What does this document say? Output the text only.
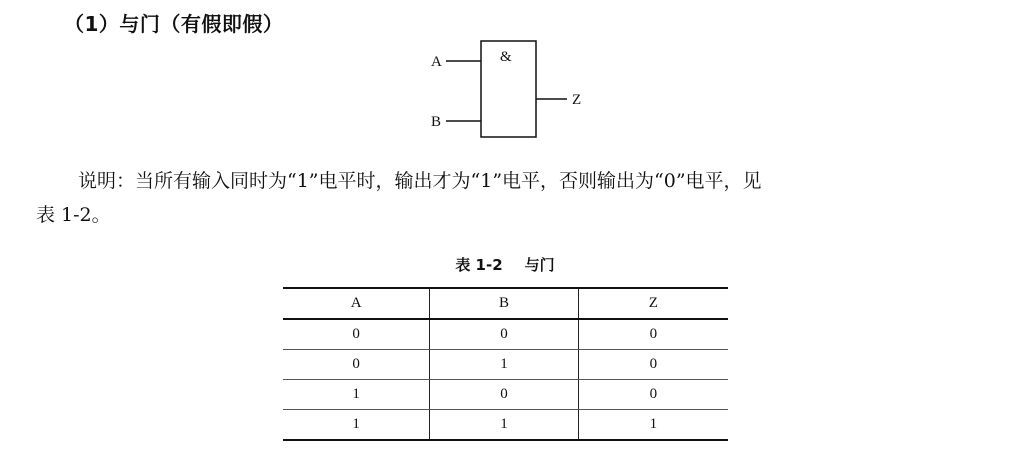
（1）与门（有假即假）
&
A
B
Z

说明：当所有输入同时为“1”电平时，输出才为“1”电平，否则输出为“0”电平，见
表 1-2。

表 1-2 与门
A	B	Z
0	0	0
0	1	0
1	0	0
1	1	1
